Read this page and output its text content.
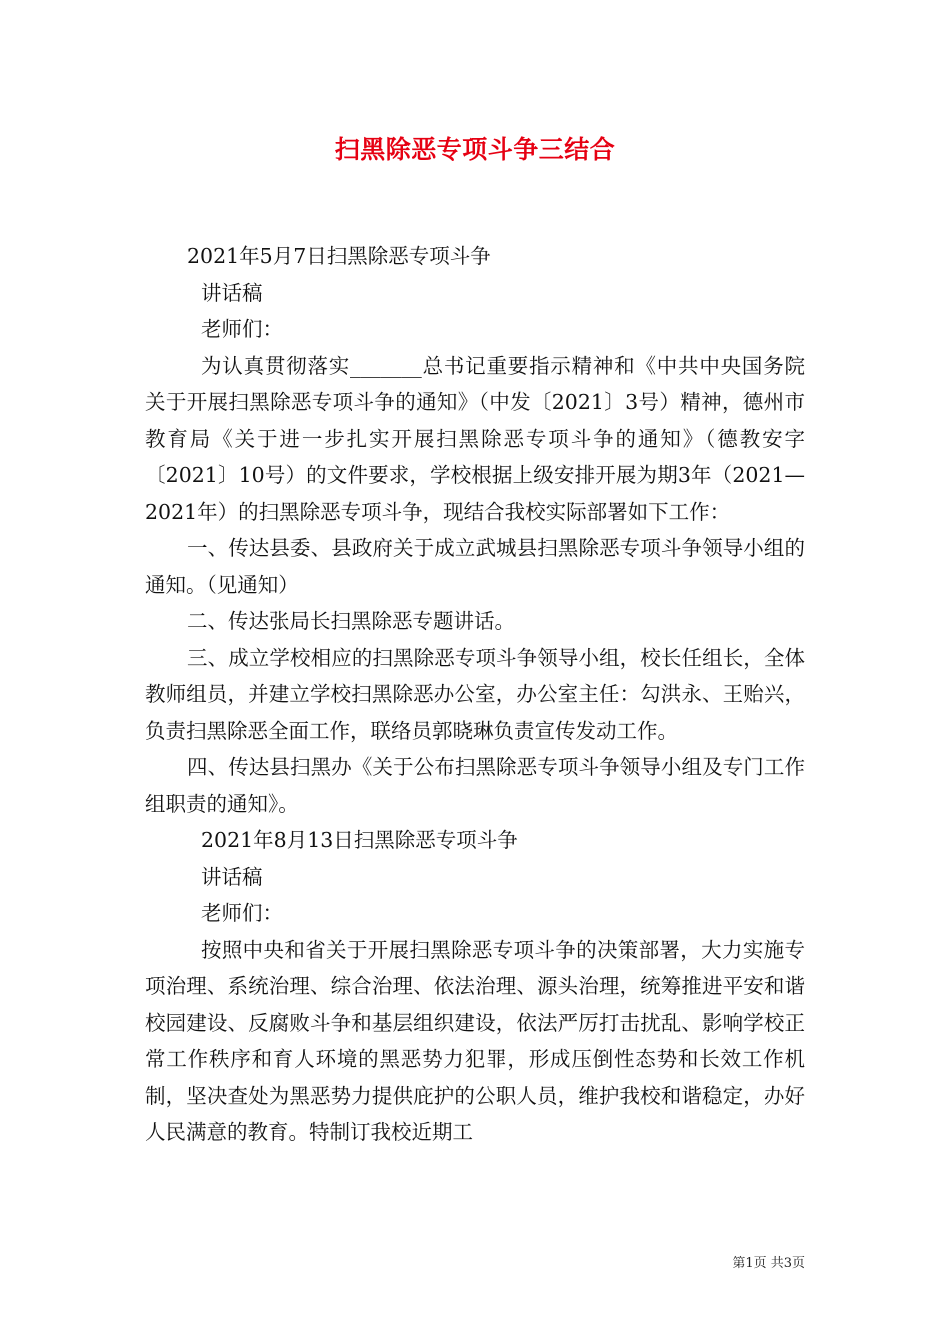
扫黑除恶专项斗争三结合
2021年5月7日扫黑除恶专项斗争
讲话稿
老师们：

为认真贯彻落实_______总书记重要指示精神和《中共中央国务院关于开展扫黑除恶专项斗争的通知》（中发〔2021〕3号）精神，德州市教育局《关于进一步扎实开展扫黑除恶专项斗争的通知》（德教安字〔2021〕10号）的文件要求，学校根据上级安排开展为期3年（2021—2021年）的扫黑除恶专项斗争，现结合我校实际部署如下工作：

一、传达县委、县政府关于成立武城县扫黑除恶专项斗争领导小组的通知。（见通知）

二、传达张局长扫黑除恶专题讲话。

三、成立学校相应的扫黑除恶专项斗争领导小组，校长任组长，全体教师组员，并建立学校扫黑除恶办公室，办公室主任：勾洪永、王贻兴，负责扫黑除恶全面工作，联络员郭晓琳负责宣传发动工作。

四、传达县扫黑办《关于公布扫黑除恶专项斗争领导小组及专门工作组职责的通知》。

2021年8月13日扫黑除恶专项斗争
讲话稿
老师们：

按照中央和省关于开展扫黑除恶专项斗争的决策部署，大力实施专项治理、系统治理、综合治理、依法治理、源头治理，统筹推进平安和谐校园建设、反腐败斗争和基层组织建设，依法严厉打击扰乱、影响学校正常工作秩序和育人环境的黑恶势力犯罪，形成压倒性态势和长效工作机制，坚决查处为黑恶势力提供庇护的公职人员，维护我校和谐稳定，办好人民满意的教育。特制订我校近期工

第1页 共3页
